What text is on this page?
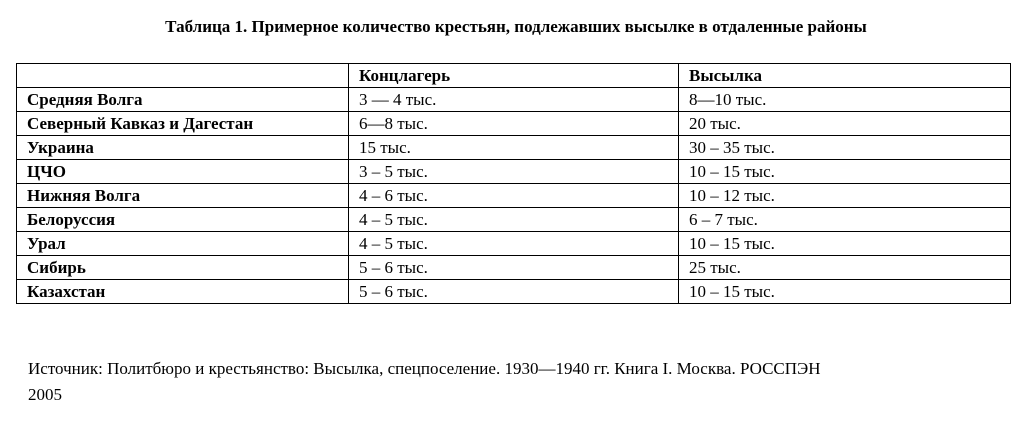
Таблица 1. Примерное количество крестьян, подлежавших высылке в отдаленные районы
	Концлагерь	Высылка
Средняя Волга	3 — 4 тыс.	8—10 тыс.
Северный Кавказ и Дагестан	6—8 тыс.	20 тыс.
Украина	15 тыс.	30 – 35 тыс.
ЦЧО	3 – 5 тыс.	10 – 15 тыс.
Нижняя Волга	4 – 6 тыс.	10 – 12 тыс.
Белоруссия	4 – 5 тыс.	6 – 7 тыс.
Урал	4 – 5 тыс.	10 – 15 тыс.
Сибирь	5 – 6 тыс.	25 тыс.
Казахстан	5 – 6 тыс.	10 – 15 тыс.
Источник: Политбюро и крестьянство: Высылка, спецпоселение. 1930—1940 гг. Книга I. Москва. РОССПЭН
2005
